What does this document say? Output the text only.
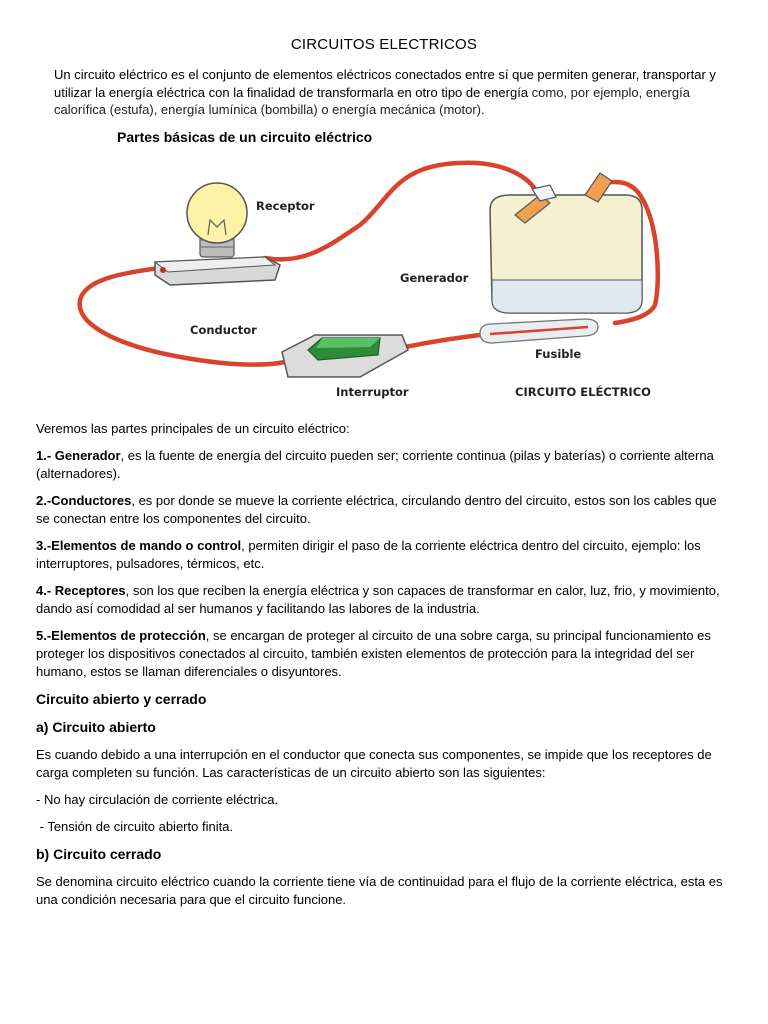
CIRCUITOS ELECTRICOS
Un circuito eléctrico es el conjunto de elementos eléctricos conectados entre sí que permiten generar, transportar y utilizar la energía eléctrica con la finalidad de transformarla en otro tipo de energía como, por ejemplo, energía calorífica (estufa), energía lumínica (bombilla) o energía mecánica (motor).
Partes básicas de un circuito eléctrico
Receptor
Generador
Fusible
Interruptor
Conductor
CIRCUITO ELÉCTRICO

Veremos las partes principales de un circuito eléctrico:

1.- Generador, es la fuente de energía del circuito pueden ser; corriente continua (pilas y baterías) o corriente alterna (alternadores).

2.-Conductores, es por donde se mueve la corriente eléctrica, circulando dentro del circuito, estos son los cables que se conectan entre los componentes del circuito.

3.-Elementos de mando o control, permiten dirigir el paso de la corriente eléctrica dentro del circuito, ejemplo: los interruptores, pulsadores, térmicos, etc.

4.- Receptores, son los que reciben la energía eléctrica y son capaces de transformar en calor, luz, frio, y movimiento, dando así comodidad al ser humanos y facilitando las labores de la industria.

5.-Elementos de protección, se encargan de proteger al circuito de una sobre carga, su principal funcionamiento es proteger los dispositivos conectados al circuito, también existen elementos de protección para la integridad del ser humano, estos se llaman diferenciales o disyuntores.

Circuito abierto y cerrado
a) Circuito abierto

Es cuando debido a una interrupción en el conductor que conecta sus componentes, se impide que los receptores de carga completen su función. Las características de un circuito abierto son las siguientes:

- No hay circulación de corriente eléctrica.

- Tensión de circuito abierto finita.

b) Circuito cerrado

Se denomina circuito eléctrico cuando la corriente tiene vía de continuidad para el flujo de la corriente eléctrica, esta es una condición necesaria para que el circuito funcione.
